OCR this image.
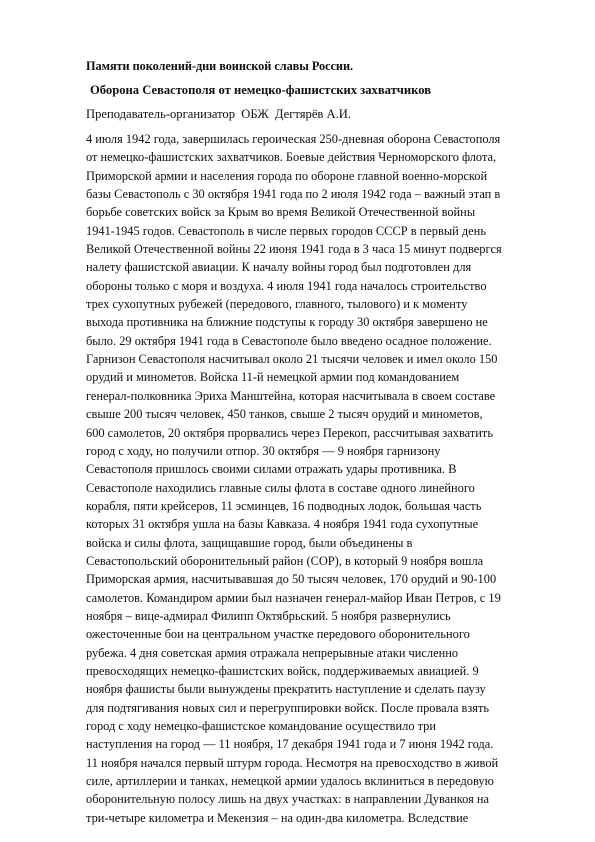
Памяти поколений-дни воинской славы России.
Оборона Севастополя от немецко-фашистских захватчиков
Преподаватель-организатор  ОБЖ  Дегтярёв А.И.
4 июля 1942 года, завершилась героическая 250-дневная оборона Севастополя
от немецко-фашистских захватчиков. Боевые действия Черноморского флота,
Приморской армии и населения города по обороне главной военно-морской
базы Севастополь с 30 октября 1941 года по 2 июля 1942 года – важный этап в
борьбе советских войск за Крым во время Великой Отечественной войны
1941-1945 годов. Севастополь в числе первых городов СССР в первый день
Великой Отечественной войны 22 июня 1941 года в 3 часа 15 минут подвергся
налету фашистской авиации. К началу войны город был подготовлен для
обороны только с моря и воздуха. 4 июля 1941 года началось строительство
трех сухопутных рубежей (передового, главного, тылового) и к моменту
выхода противника на ближние подступы к городу 30 октября завершено не
было. 29 октября 1941 года в Севастополе было введено осадное положение.
Гарнизон Севастополя насчитывал около 21 тысячи человек и имел около 150
орудий и минометов. Войска 11-й немецкой армии под командованием
генерал-полковника Эриха Манштейна, которая насчитывала в своем составе
свыше 200 тысяч человек, 450 танков, свыше 2 тысяч орудий и минометов,
600 самолетов, 20 октября прорвались через Перекоп, рассчитывая захватить
город с ходу, но получили отпор. 30 октября — 9 ноября гарнизону
Севастополя пришлось своими силами отражать удары противника. В
Севастополе находились главные силы флота в составе одного линейного
корабля, пяти крейсеров, 11 эсминцев, 16 подводных лодок, большая часть
которых 31 октября ушла на базы Кавказа. 4 ноября 1941 года сухопутные
войска и силы флота, защищавшие город, были объединены в
Севастопольский оборонительный район (СОР), в который 9 ноября вошла
Приморская армия, насчитывавшая до 50 тысяч человек, 170 орудий и 90-100
самолетов. Командиром армии был назначен генерал-майор Иван Петров, с 19
ноября – вице-адмирал Филипп Октябрьский. 5 ноября развернулись
ожесточенные бои на центральном участке передового оборонительного
рубежа. 4 дня советская армия отражала непрерывные атаки численно
превосходящих немецко-фашистских войск, поддерживаемых авиацией. 9
ноября фашисты были вынуждены прекратить наступление и сделать паузу
для подтягивания новых сил и перегруппировки войск. После провала взять
город с ходу немецко-фашистское командование осуществило три
наступления на город — 11 ноября, 17 декабря 1941 года и 7 июня 1942 года.
11 ноября начался первый штурм города. Несмотря на превосходство в живой
силе, артиллерии и танках, немецкой армии удалось вклиниться в передовую
оборонительную полосу лишь на двух участках: в направлении Дуванкоя на
три-четыре километра и Мекензия – на один-два километра. Вследствие
